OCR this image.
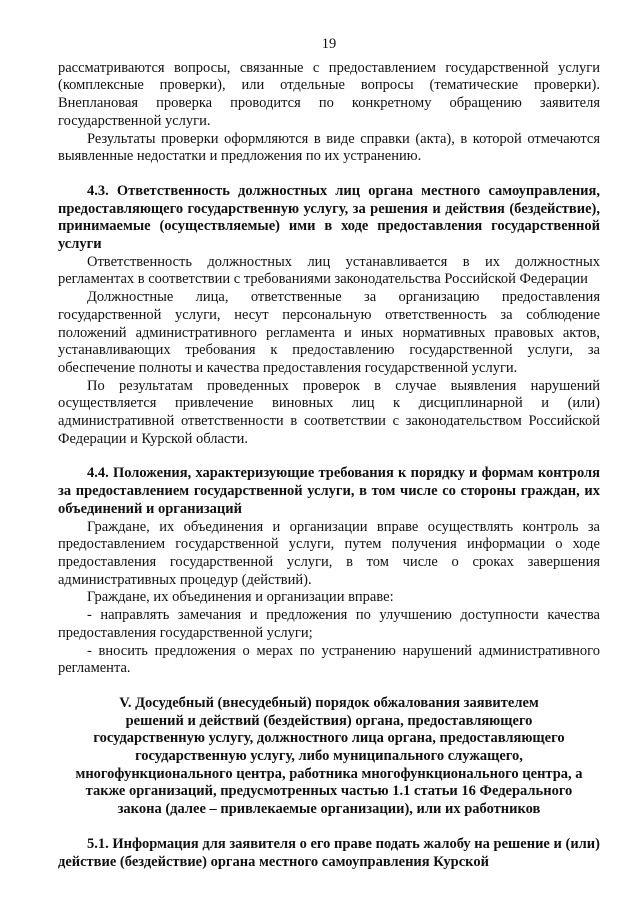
19

рассматриваются вопросы, связанные с предоставлением государственной услуги (комплексные проверки), или отдельные вопросы (тематические проверки). Внеплановая проверка проводится по конкретному обращению заявителя государственной услуги.

Результаты проверки оформляются в виде справки (акта), в которой отмечаются выявленные недостатки и предложения по их устранению.

4.3. Ответственность должностных лиц органа местного самоуправления, предоставляющего государственную услугу, за решения и действия (бездействие), принимаемые (осуществляемые) ими в ходе предоставления государственной услуги

Ответственность должностных лиц устанавливается в их должностных регламентах в соответствии с требованиями законодательства Российской Федерации

Должностные лица, ответственные за организацию предоставления государственной услуги, несут персональную ответственность за соблюдение положений административного регламента и иных нормативных правовых актов, устанавливающих требования к предоставлению государственной услуги, за обеспечение полноты и качества предоставления государственной услуги.

По результатам проведенных проверок в случае выявления нарушений осуществляется привлечение виновных лиц к дисциплинарной и (или) административной ответственности в соответствии с законодательством Российской Федерации и Курской области.

4.4. Положения, характеризующие требования к порядку и формам контроля за предоставлением государственной услуги, в том числе со стороны граждан, их объединений и организаций

Граждане, их объединения и организации вправе осуществлять контроль за предоставлением государственной услуги, путем получения информации о ходе предоставления государственной услуги, в том числе о сроках завершения административных процедур (действий).

Граждане, их объединения и организации вправе:

- направлять замечания и предложения по улучшению доступности качества предоставления государственной услуги;

- вносить предложения о мерах по устранению нарушений административного регламента.

V. Досудебный (внесудебный) порядок обжалования заявителем
решений и действий (бездействия) органа, предоставляющего
государственную услугу, должностного лица органа, предоставляющего
государственную услугу, либо муниципального служащего,
многофункционального центра, работника многофункционального центра, а
также организаций, предусмотренных частью 1.1 статьи 16 Федерального
закона (далее – привлекаемые организации), или их работников

5.1. Информация для заявителя о его праве подать жалобу на решение и (или) действие (бездействие) органа местного самоуправления Курской
